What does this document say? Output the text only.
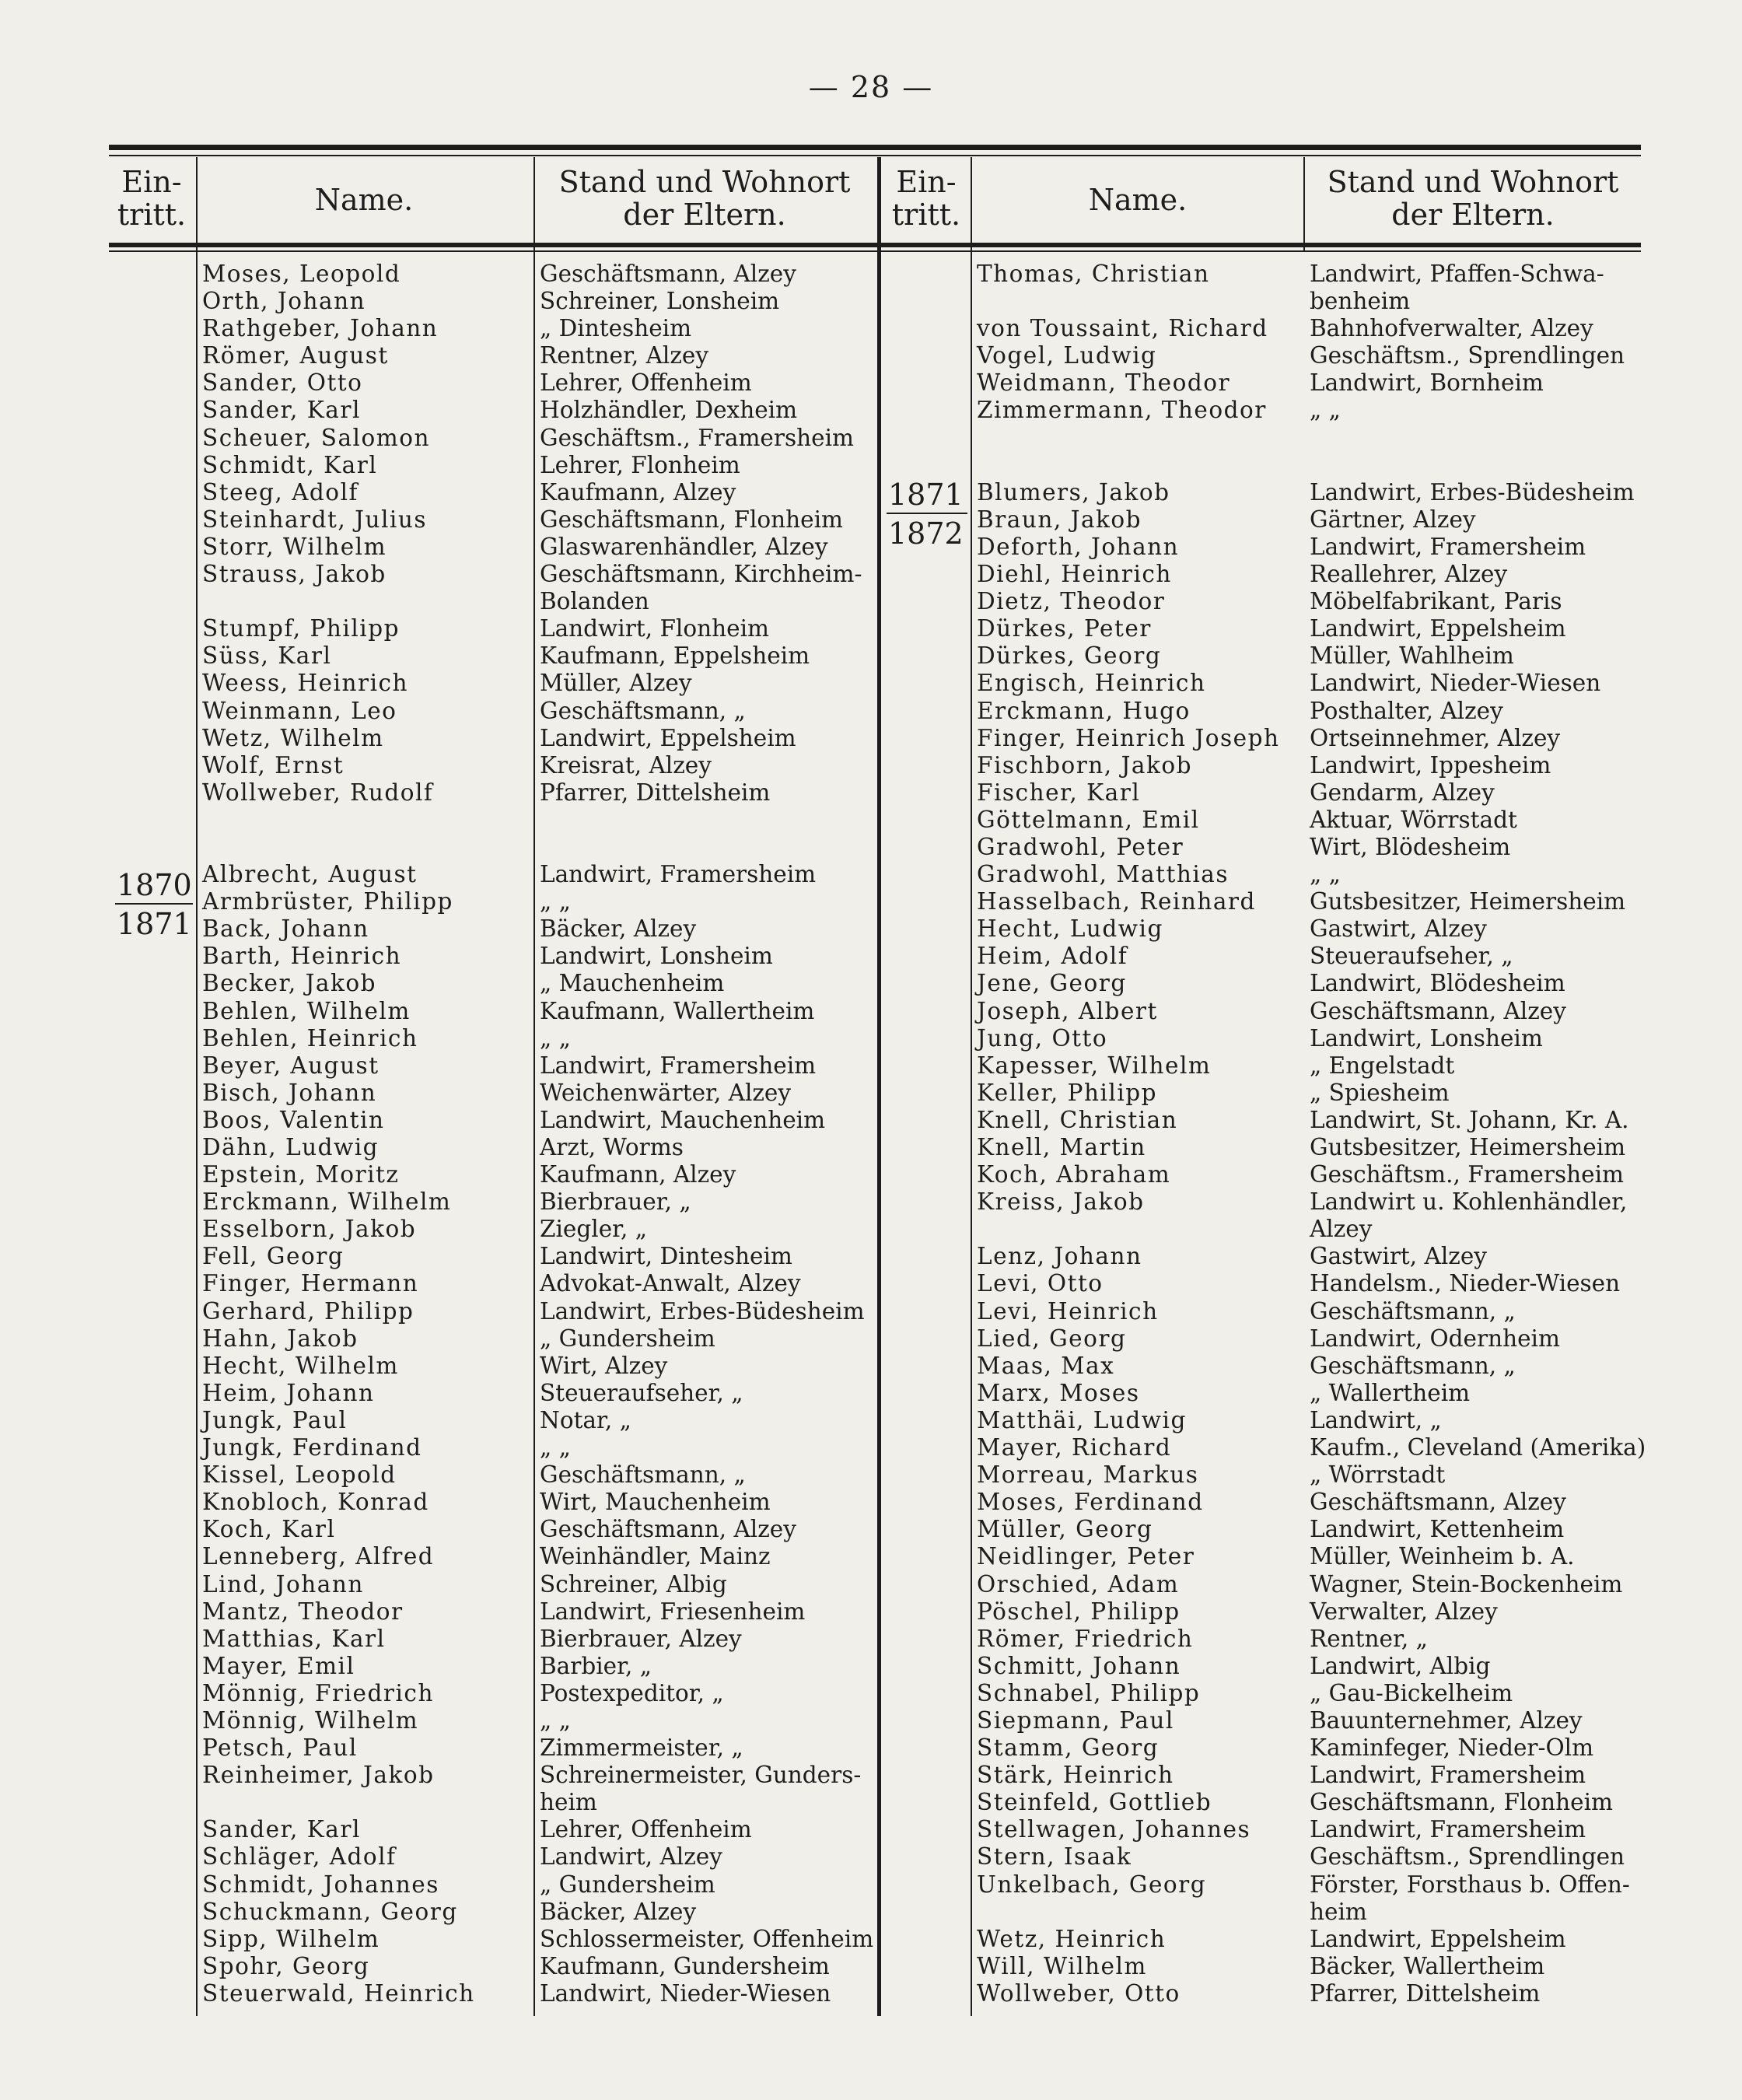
— 28 —
Ein-
tritt.	Name.
Stand und Wohnort
der Eltern.
Ein-
tritt.	Name.
Stand und Wohnort
der Eltern.
1870
1871
1871
1872
Moses, Leopold
Orth, Johann
Rathgeber, Johann
Römer, August
Sander, Otto
Sander, Karl
Scheuer, Salomon
Schmidt, Karl
Steeg, Adolf
Steinhardt, Julius
Storr, Wilhelm
Strauss, Jakob
Stumpf, Philipp
Süss, Karl
Weess, Heinrich
Weinmann, Leo
Wetz, Wilhelm
Wolf, Ernst
Wollweber, Rudolf
Albrecht, August
Armbrüster, Philipp
Back, Johann
Barth, Heinrich
Becker, Jakob
Behlen, Wilhelm
Behlen, Heinrich
Beyer, August
Bisch, Johann
Boos, Valentin
Dähn, Ludwig
Epstein, Moritz
Erckmann, Wilhelm
Esselborn, Jakob
Fell, Georg
Finger, Hermann
Gerhard, Philipp
Hahn, Jakob
Hecht, Wilhelm
Heim, Johann
Jungk, Paul
Jungk, Ferdinand
Kissel, Leopold
Knobloch, Konrad
Koch, Karl
Lenneberg, Alfred
Lind, Johann
Mantz, Theodor
Matthias, Karl
Mayer, Emil
Mönnig, Friedrich
Mönnig, Wilhelm
Petsch, Paul
Reinheimer, Jakob
Sander, Karl
Schläger, Adolf
Schmidt, Johannes
Schuckmann, Georg
Sipp, Wilhelm
Spohr, Georg
Steuerwald, Heinrich
Geschäftsmann, Alzey
Schreiner, Lonsheim
„ Dintesheim
Rentner, Alzey
Lehrer, Offenheim
Holzhändler, Dexheim
Geschäftsm., Framersheim
Lehrer, Flonheim
Kaufmann, Alzey
Geschäftsmann, Flonheim
Glaswarenhändler, Alzey
Geschäftsmann, Kirchheim-
Bolanden
Landwirt, Flonheim
Kaufmann, Eppelsheim
Müller, Alzey
Geschäftsmann, „
Landwirt, Eppelsheim
Kreisrat, Alzey
Pfarrer, Dittelsheim
Landwirt, Framersheim
„ „
Bäcker, Alzey
Landwirt, Lonsheim
„ Mauchenheim
Kaufmann, Wallertheim
„ „
Landwirt, Framersheim
Weichenwärter, Alzey
Landwirt, Mauchenheim
Arzt, Worms
Kaufmann, Alzey
Bierbrauer, „
Ziegler, „
Landwirt, Dintesheim
Advokat-Anwalt, Alzey
Landwirt, Erbes-Büdesheim
„ Gundersheim
Wirt, Alzey
Steueraufseher, „
Notar, „
„ „
Geschäftsmann, „
Wirt, Mauchenheim
Geschäftsmann, Alzey
Weinhändler, Mainz
Schreiner, Albig
Landwirt, Friesenheim
Bierbrauer, Alzey
Barbier, „
Postexpeditor, „
„ „
Zimmermeister, „
Schreinermeister, Gunders-
heim
Lehrer, Offenheim
Landwirt, Alzey
„ Gundersheim
Bäcker, Alzey
Schlossermeister, Offenheim
Kaufmann, Gundersheim
Landwirt, Nieder-Wiesen
Thomas, Christian
von Toussaint, Richard
Vogel, Ludwig
Weidmann, Theodor
Zimmermann, Theodor
Blumers, Jakob
Braun, Jakob
Deforth, Johann
Diehl, Heinrich
Dietz, Theodor
Dürkes, Peter
Dürkes, Georg
Engisch, Heinrich
Erckmann, Hugo
Finger, Heinrich Joseph
Fischborn, Jakob
Fischer, Karl
Göttelmann, Emil
Gradwohl, Peter
Gradwohl, Matthias
Hasselbach, Reinhard
Hecht, Ludwig
Heim, Adolf
Jene, Georg
Joseph, Albert
Jung, Otto
Kapesser, Wilhelm
Keller, Philipp
Knell, Christian
Knell, Martin
Koch, Abraham
Kreiss, Jakob
Lenz, Johann
Levi, Otto
Levi, Heinrich
Lied, Georg
Maas, Max
Marx, Moses
Matthäi, Ludwig
Mayer, Richard
Morreau, Markus
Moses, Ferdinand
Müller, Georg
Neidlinger, Peter
Orschied, Adam
Pöschel, Philipp
Römer, Friedrich
Schmitt, Johann
Schnabel, Philipp
Siepmann, Paul
Stamm, Georg
Stärk, Heinrich
Steinfeld, Gottlieb
Stellwagen, Johannes
Stern, Isaak
Unkelbach, Georg
Wetz, Heinrich
Will, Wilhelm
Wollweber, Otto
Landwirt, Pfaffen-Schwa-
benheim
Bahnhofverwalter, Alzey
Geschäftsm., Sprendlingen
Landwirt, Bornheim
„ „
Landwirt, Erbes-Büdesheim
Gärtner, Alzey
Landwirt, Framersheim
Reallehrer, Alzey
Möbelfabrikant, Paris
Landwirt, Eppelsheim
Müller, Wahlheim
Landwirt, Nieder-Wiesen
Posthalter, Alzey
Ortseinnehmer, Alzey
Landwirt, Ippesheim
Gendarm, Alzey
Aktuar, Wörrstadt
Wirt, Blödesheim
„ „
Gutsbesitzer, Heimersheim
Gastwirt, Alzey
Steueraufseher, „
Landwirt, Blödesheim
Geschäftsmann, Alzey
Landwirt, Lonsheim
„ Engelstadt
„ Spiesheim
Landwirt, St. Johann, Kr. A.
Gutsbesitzer, Heimersheim
Geschäftsm., Framersheim
Landwirt u. Kohlenhändler,
Alzey
Gastwirt, Alzey
Handelsm., Nieder-Wiesen
Geschäftsmann, „
Landwirt, Odernheim
Geschäftsmann, „
„ Wallertheim
Landwirt, „
Kaufm., Cleveland (Amerika)
„ Wörrstadt
Geschäftsmann, Alzey
Landwirt, Kettenheim
Müller, Weinheim b. A.
Wagner, Stein-Bockenheim
Verwalter, Alzey
Rentner, „
Landwirt, Albig
„ Gau-Bickelheim
Bauunternehmer, Alzey
Kaminfeger, Nieder-Olm
Landwirt, Framersheim
Geschäftsmann, Flonheim
Landwirt, Framersheim
Geschäftsm., Sprendlingen
Förster, Forsthaus b. Offen-
heim
Landwirt, Eppelsheim
Bäcker, Wallertheim
Pfarrer, Dittelsheim
